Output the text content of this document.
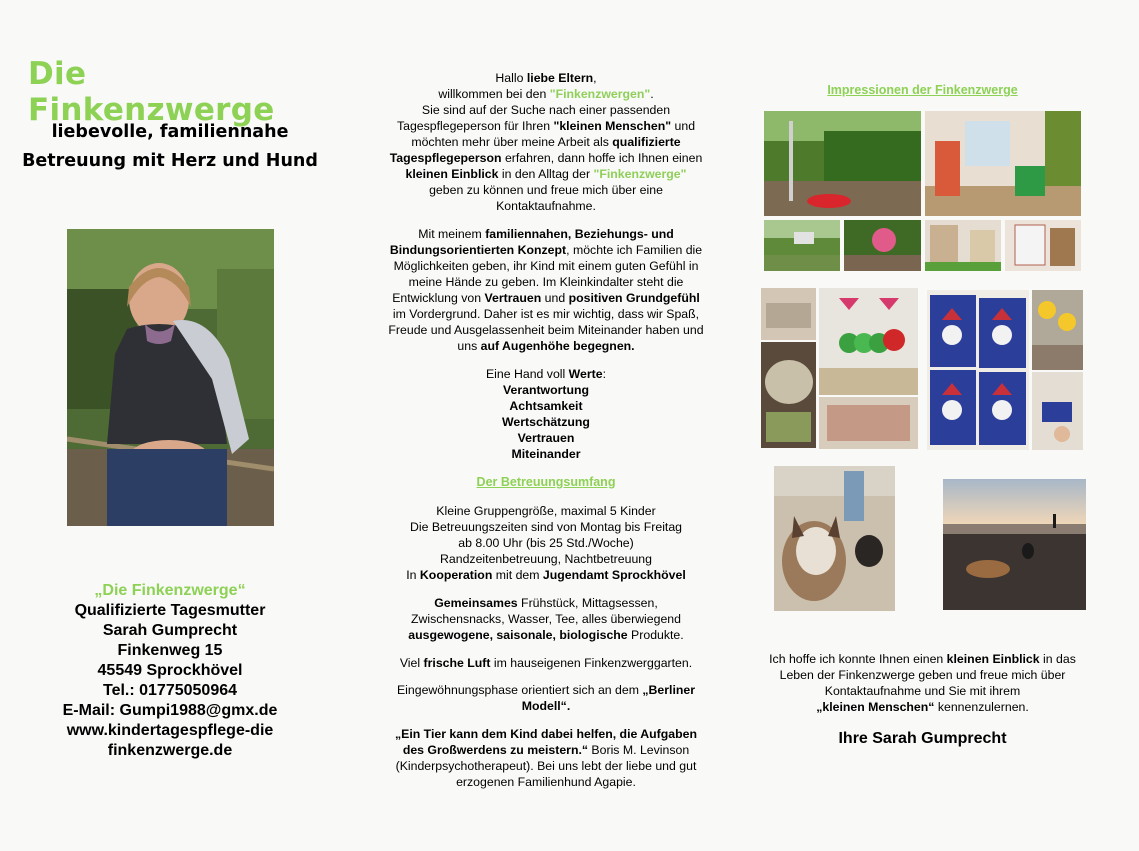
Die Finkenzwerge
liebevolle, familiennahe
Betreuung mit Herz und Hund
„Die Finkenzwerge“
Qualifizierte Tagesmutter
Sarah Gumprecht
Finkenweg 15
45549 Sprockhövel
Tel.: 01775050964
E-Mail: Gumpi1988@gmx.de
www.kindertagespflege-die
finkenzwerge.de

Hallo liebe Eltern,
willkommen bei den "Finkenzwergen".
Sie sind auf der Suche nach einer passenden
Tagespflegeperson für Ihren "kleinen Menschen" und
möchten mehr über meine Arbeit als qualifizierte
Tagespflegeperson erfahren, dann hoffe ich Ihnen einen
kleinen Einblick in den Alltag der "Finkenzwerge"
geben zu können und freue mich über eine
Kontaktaufnahme.

Mit meinem familiennahen, Beziehungs- und
Bindungsorientierten Konzept, möchte ich Familien die
Möglichkeiten geben, ihr Kind mit einem guten Gefühl in
meine Hände zu geben. Im Kleinkindalter steht die
Entwicklung von Vertrauen und positiven Grundgefühl
im Vordergrund. Daher ist es mir wichtig, dass wir Spaß,
Freude und Ausgelassenheit beim Miteinander haben und
uns auf Augenhöhe begegnen.

Eine Hand voll Werte:
Verantwortung
Achtsamkeit
Wertschätzung
Vertrauen
Miteinander

Der Betreuungsumfang

Kleine Gruppengröße, maximal 5 Kinder
Die Betreuungszeiten sind von Montag bis Freitag
ab 8.00 Uhr (bis 25 Std./Woche)
Randzeitenbetreuung, Nachtbetreuung
In Kooperation mit dem Jugendamt Sprockhövel

Gemeinsames Frühstück, Mittagsessen,
Zwischensnacks, Wasser, Tee, alles überwiegend
ausgewogene, saisonale, biologische Produkte.

Viel frische Luft im hauseigenen Finkenzwerggarten.

Eingewöhnungsphase orientiert sich an dem „Berliner
Modell“.

„Ein Tier kann dem Kind dabei helfen, die Aufgaben
des Großwerdens zu meistern.“ Boris M. Levinson
(Kinderpsychotherapeut). Bei uns lebt der liebe und gut
erzogenen Familienhund Agapie.

Impressionen der Finkenzwerge

Ich hoffe ich konnte Ihnen einen kleinen Einblick in das
Leben der Finkenzwerge geben und freue mich über
Kontaktaufnahme und Sie mit ihrem
„kleinen Menschen“ kennenzulernen.

Ihre Sarah Gumprecht
